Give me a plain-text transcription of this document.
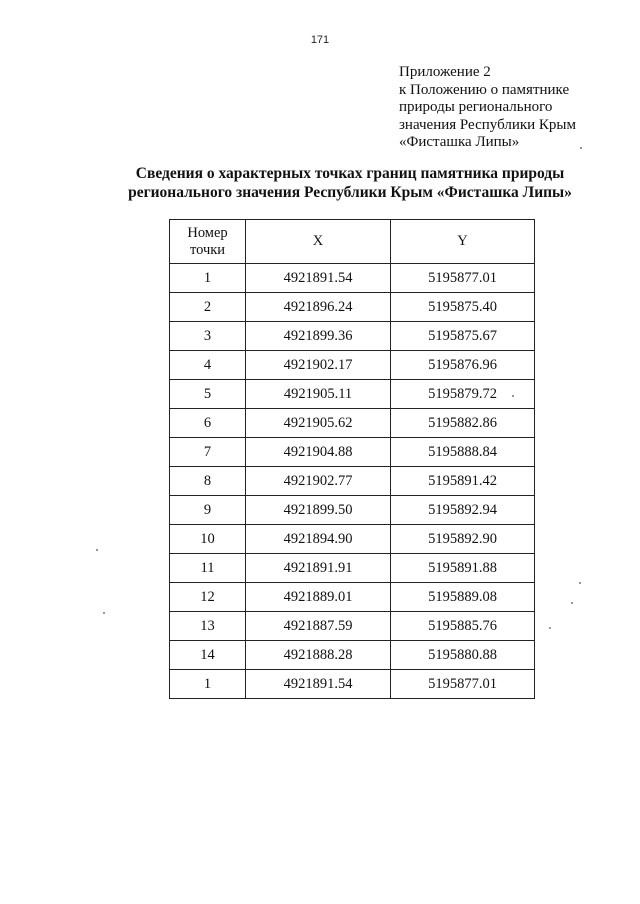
171
Приложение 2
к Положению о памятнике
природы регионального
значения Республики Крым
«Фисташка Липы»
Сведения о характерных точках границ памятника природы
регионального значения Республики Крым «Фисташка Липы»
Номер
точки	X	Y
1	4921891.54	5195877.01
2	4921896.24	5195875.40
3	4921899.36	5195875.67
4	4921902.17	5195876.96
5	4921905.11	5195879.72
6	4921905.62	5195882.86
7	4921904.88	5195888.84
8	4921902.77	5195891.42
9	4921899.50	5195892.94
10	4921894.90	5195892.90
11	4921891.91	5195891.88
12	4921889.01	5195889.08
13	4921887.59	5195885.76
14	4921888.28	5195880.88
1	4921891.54	5195877.01
